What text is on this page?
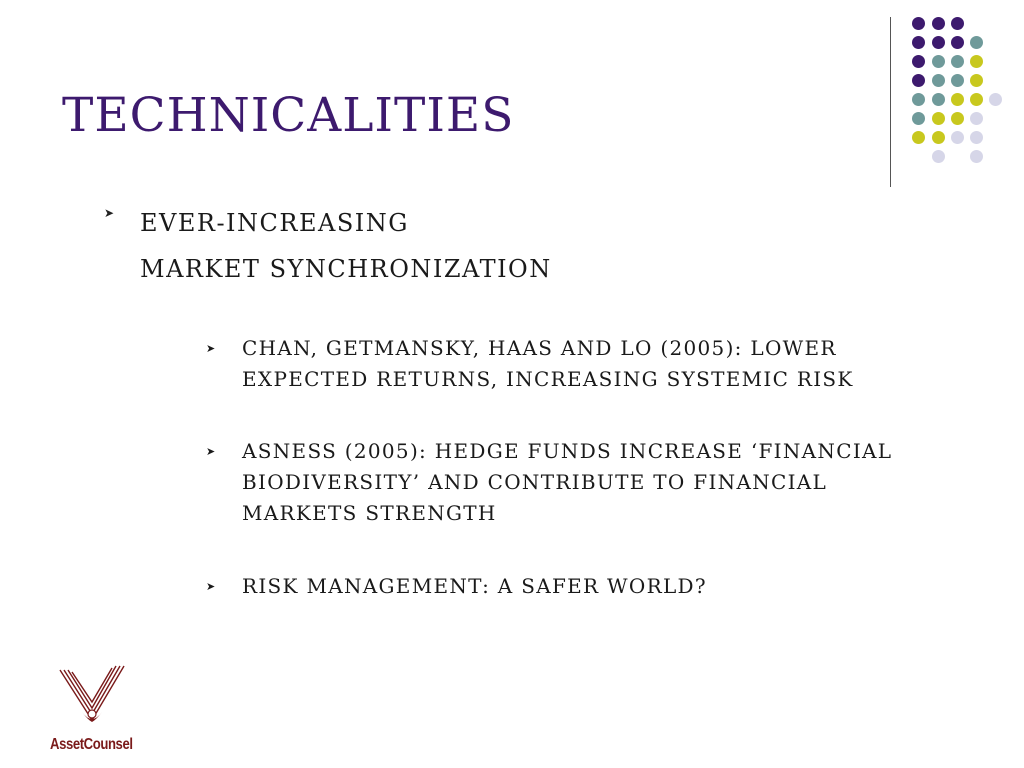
TECHNICALITIES
➤ EVER-INCREASING
MARKET SYNCHRONIZATION
➤ CHAN, GETMANSKY, HAAS AND LO (2005): LOWER EXPECTED RETURNS, INCREASING SYSTEMIC RISK
➤ ASNESS (2005): HEDGE FUNDS INCREASE ‘FINANCIAL BIODIVERSITY’ AND CONTRIBUTE TO FINANCIAL MARKETS STRENGTH
➤ RISK MANAGEMENT: A SAFER WORLD?
AssetCounsel
